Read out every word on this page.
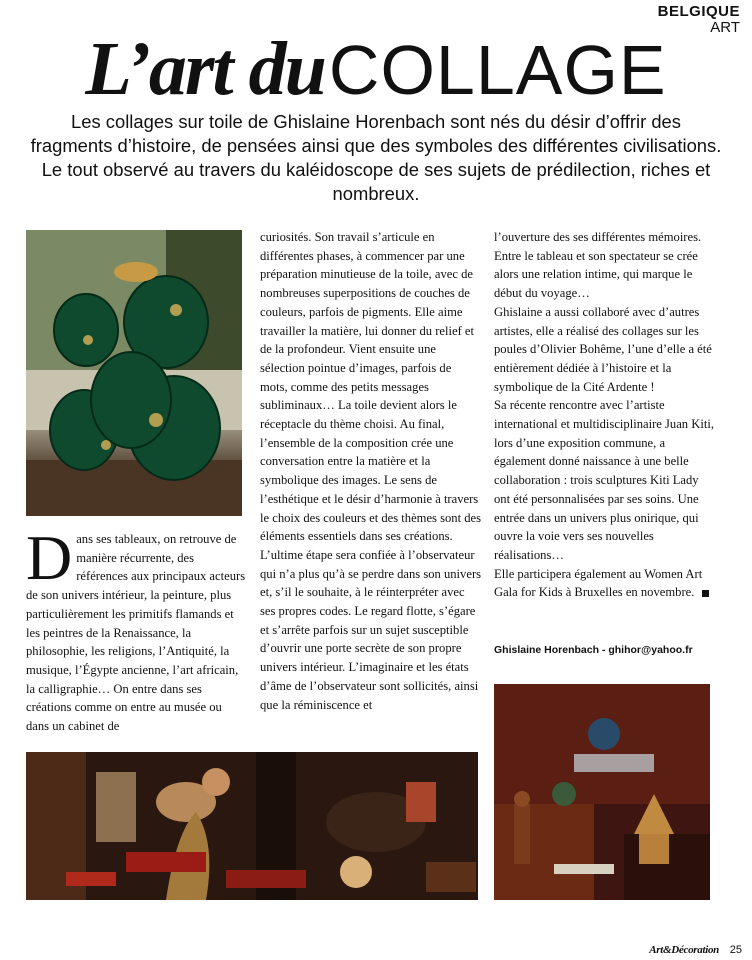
BELGIQUE
ART
L’art du COLLAGE
Les collages sur toile de Ghislaine Horenbach sont nés du désir d’offrir des fragments d’histoire, de pensées ainsi que des symboles des différentes civilisations. Le tout observé au travers du kaléidoscope de ses sujets de prédilection, riches et nombreux.
D ans ses tableaux, on retrouve de manière récurrente, des références aux principaux acteurs de son univers intérieur, la peinture, plus particulièrement les primitifs flamands et les peintres de la Renaissance, la philosophie, les religions, l’Antiquité, la musique, l’Égypte ancienne, l’art africain, la calligraphie… On entre dans ses créations comme on entre au musée ou dans un cabinet de

curiosités. Son travail s’articule en différentes phases, à commencer par une préparation minutieuse de la toile, avec de nombreuses superpositions de couches de couleurs, parfois de pigments. Elle aime travailler la matière, lui donner du relief et de la profondeur. Vient ensuite une sélection pointue d’images, parfois de mots, comme des petits messages subliminaux… La toile devient alors le réceptacle du thème choisi. Au final, l’ensemble de la composition crée une conversation entre la matière et la symbolique des images. Le sens de l’esthétique et le désir d’harmonie à travers le choix des couleurs et des thèmes sont des éléments essentiels dans ses créations. L’ultime étape sera confiée à l’observateur qui n’a plus qu’à se perdre dans son univers et, s’il le souhaite, à le réinterpréter avec ses propres codes. Le regard flotte, s’égare et s’arrête parfois sur un sujet susceptible d’ouvrir une porte secrète de son propre univers intérieur. L’imaginaire et les états d’âme de l’observateur sont sollicités, ainsi que la réminiscence et

l’ouverture des ses différentes mémoires. Entre le tableau et son spectateur se crée alors une relation intime, qui marque le début du voyage…

Ghislaine a aussi collaboré avec d’autres artistes, elle a réalisé des collages sur les poules d’Olivier Bohême, l’une d’elle a été entièrement dédiée à l’histoire et la symbolique de la Cité Ardente !

Sa récente rencontre avec l’artiste international et multidisciplinaire Juan Kiti, lors d’une exposition commune, a également donné naissance à une belle collaboration : trois sculptures Kiti Lady ont été personnalisées par ses soins. Une entrée dans un univers plus onirique, qui ouvre la voie vers ses nouvelles réalisations…

Elle participera également au Women Art Gala for Kids à Bruxelles en novembre.

Ghislaine Horenbach - ghihor@yahoo.fr
Art&Décoration 25
